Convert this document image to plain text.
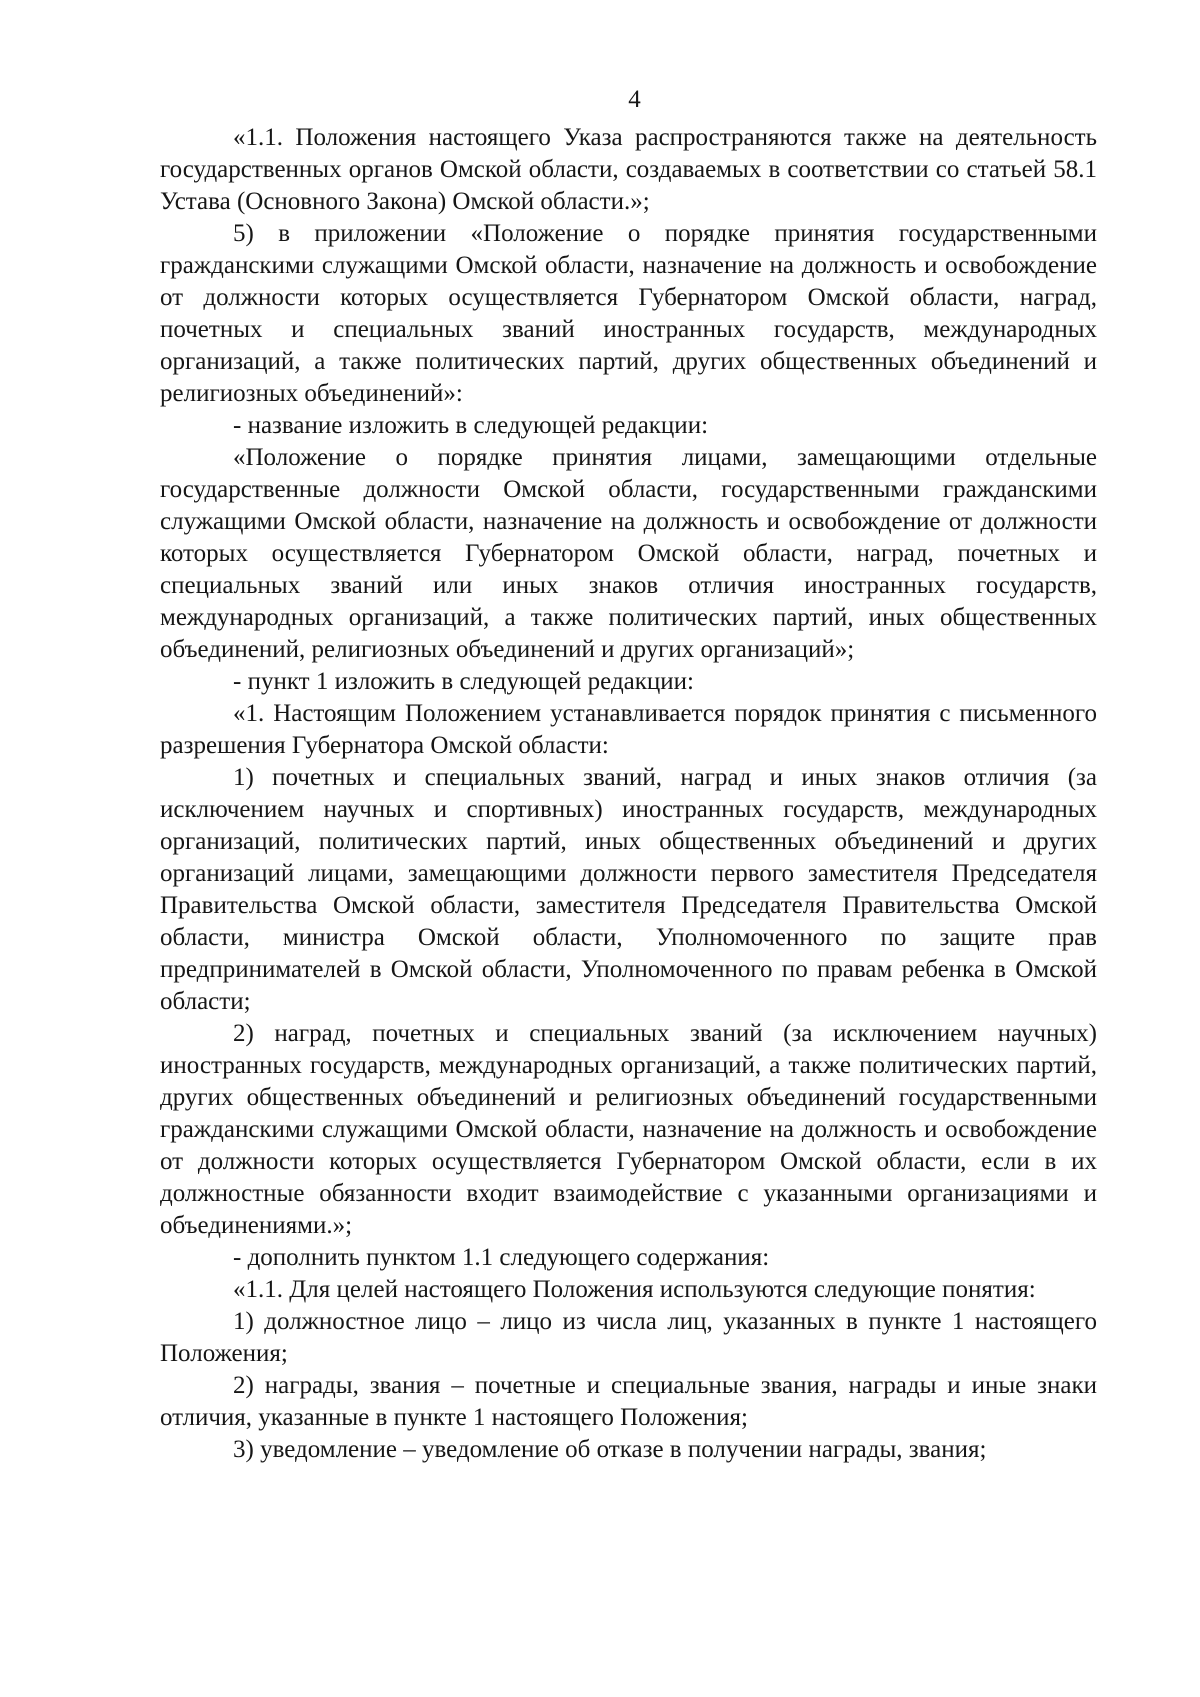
4

«1.1. Положения настоящего Указа распространяются также на деятельность государственных органов Омской области, создаваемых в соответствии со статьей 58.1 Устава (Основного Закона) Омской области.»;

5) в приложении «Положение о порядке принятия государственными гражданскими служащими Омской области, назначение на должность и освобождение от должности которых осуществляется Губернатором Омской области, наград, почетных и специальных званий иностранных государств, международных организаций, а также политических партий, других общественных объединений и религиозных объединений»:

- название изложить в следующей редакции:

«Положение о порядке принятия лицами, замещающими отдельные государственные должности Омской области, государственными гражданскими служащими Омской области, назначение на должность и освобождение от должности которых осуществляется Губернатором Омской области, наград, почетных и специальных званий или иных знаков отличия иностранных государств, международных организаций, а также политических партий, иных общественных объединений, религиозных объединений и других организаций»;

- пункт 1 изложить в следующей редакции:

«1. Настоящим Положением устанавливается порядок принятия с письменного разрешения Губернатора Омской области:

1) почетных и специальных званий, наград и иных знаков отличия (за исключением научных и спортивных) иностранных государств, международных организаций, политических партий, иных общественных объединений и других организаций лицами, замещающими должности первого заместителя Председателя Правительства Омской области, заместителя Председателя Правительства Омской области, министра Омской области, Уполномоченного по защите прав предпринимателей в Омской области, Уполномоченного по правам ребенка в Омской области;

2) наград, почетных и специальных званий (за исключением научных) иностранных государств, международных организаций, а также политических партий, других общественных объединений и религиозных объединений государственными гражданскими служащими Омской области, назначение на должность и освобождение от должности которых осуществляется Губернатором Омской области, если в их должностные обязанности входит взаимодействие с указанными организациями и объединениями.»;

- дополнить пунктом 1.1 следующего содержания:

«1.1. Для целей настоящего Положения используются следующие понятия:

1) должностное лицо – лицо из числа лиц, указанных в пункте 1 настоящего Положения;

2) награды, звания – почетные и специальные звания, награды и иные знаки отличия, указанные в пункте 1 настоящего Положения;

3) уведомление – уведомление об отказе в получении награды, звания;
